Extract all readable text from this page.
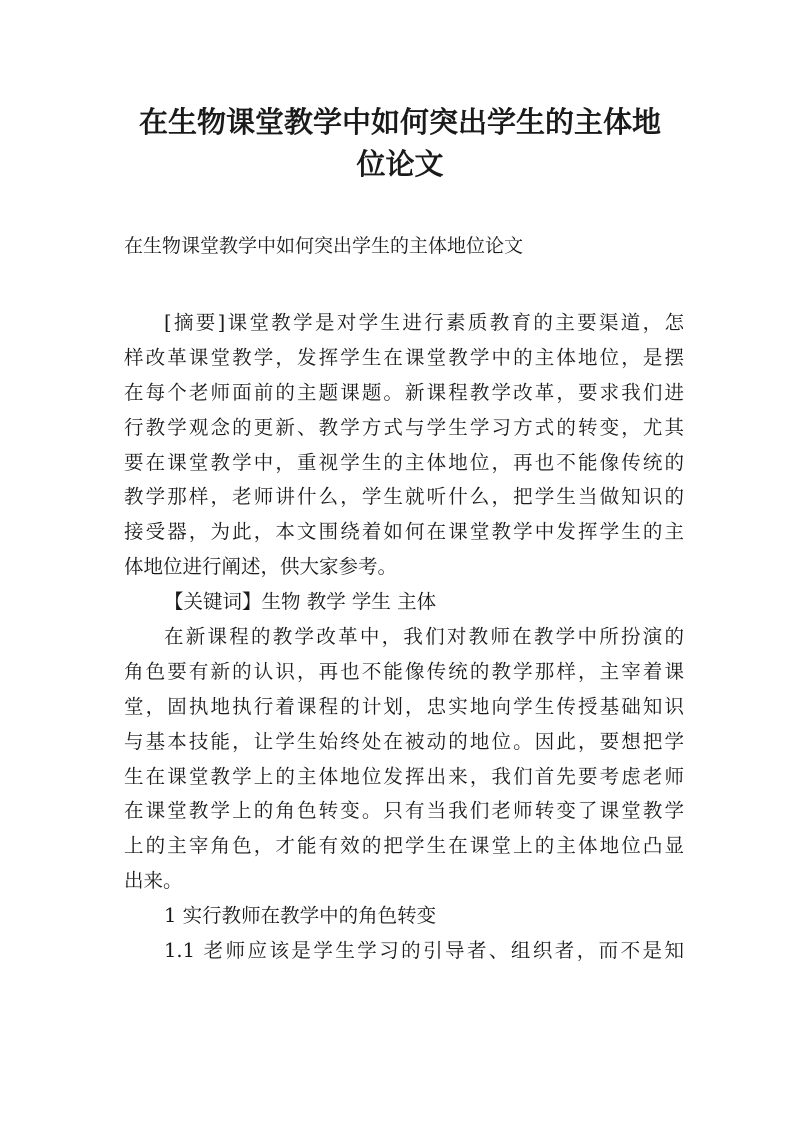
在生物课堂教学中如何突出学生的主体地
位论文

在生物课堂教学中如何突出学生的主体地位论文

[摘要]课堂教学是对学生进行素质教育的主要渠道，怎
样改革课堂教学，发挥学生在课堂教学中的主体地位，是摆
在每个老师面前的主题课题。新课程教学改革，要求我们进
行教学观念的更新、教学方式与学生学习方式的转变，尤其
要在课堂教学中，重视学生的主体地位，再也不能像传统的
教学那样，老师讲什么，学生就听什么，把学生当做知识的
接受器，为此，本文围绕着如何在课堂教学中发挥学生的主
体地位进行阐述，供大家参考。
【关键词】生物 教学 学生 主体
在新课程的教学改革中，我们对教师在教学中所扮演的
角色要有新的认识，再也不能像传统的教学那样，主宰着课
堂，固执地执行着课程的计划，忠实地向学生传授基础知识
与基本技能，让学生始终处在被动的地位。因此，要想把学
生在课堂教学上的主体地位发挥出来，我们首先要考虑老师
在课堂教学上的角色转变。只有当我们老师转变了课堂教学
上的主宰角色，才能有效的把学生在课堂上的主体地位凸显
出来。
1 实行教师在教学中的角色转变
1.1 老师应该是学生学习的引导者、组织者，而不是知
